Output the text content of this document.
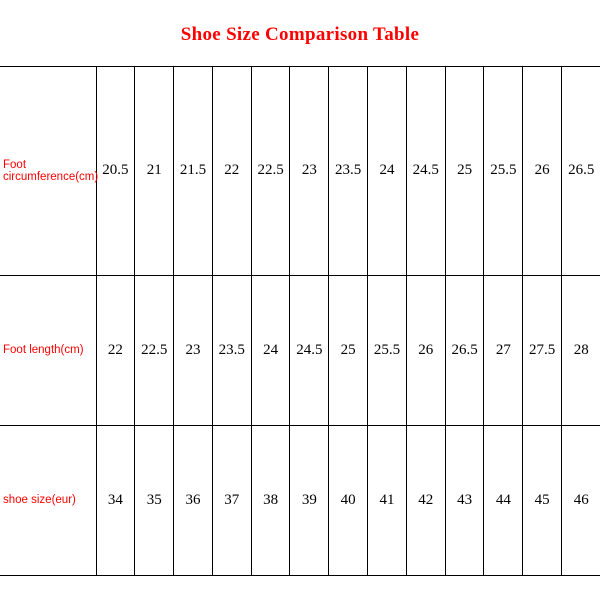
Shoe Size Comparison Table
Foot circumference(cm)	20.5	21	21.5	22	22.5	23	23.5	24	24.5	25	25.5	26	26.5
Foot length(cm)	22	22.5	23	23.5	24	24.5	25	25.5	26	26.5	27	27.5	28
shoe size(eur)	34	35	36	37	38	39	40	41	42	43	44	45	46
